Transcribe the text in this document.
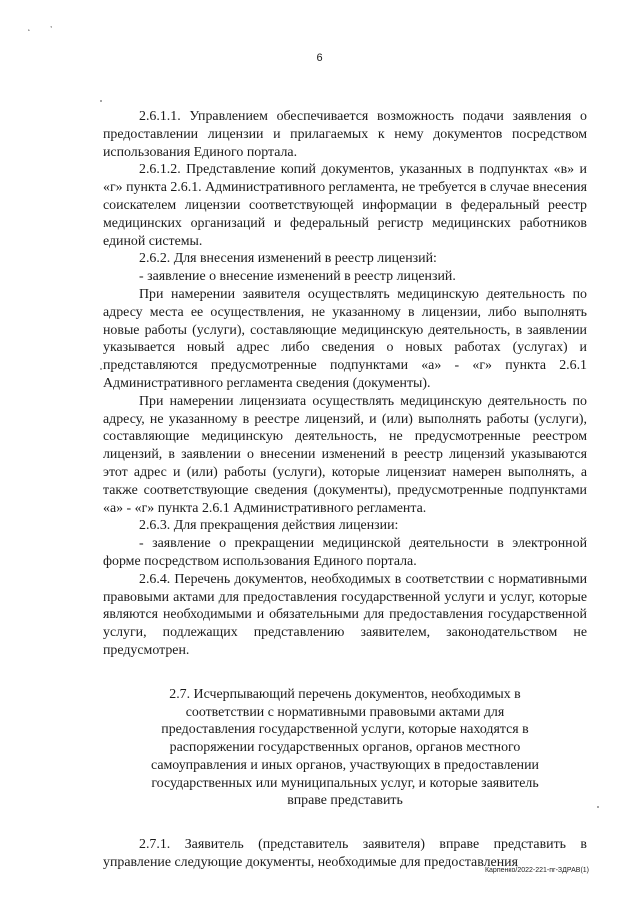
˛ ,
6

2.6.1.1. Управлением обеспечивается возможность подачи заявления о предоставлении лицензии и прилагаемых к нему документов посредством использования Единого портала.

2.6.1.2. Представление копий документов, указанных в подпунктах «в» и «г» пункта 2.6.1. Административного регламента, не требуется в случае внесения соискателем лицензии соответствующей информации в федеральный реестр медицинских организаций и федеральный регистр медицинских работников единой системы.

2.6.2. Для внесения изменений в реестр лицензий:

- заявление о внесение изменений в реестр лицензий.

При намерении заявителя осуществлять медицинскую деятельность по адресу места ее осуществления, не указанному в лицензии, либо выполнять новые работы (услуги), составляющие медицинскую деятельность, в заявлении указывается новый адрес либо сведения о новых работах (услугах) и представляются предусмотренные подпунктами «а» - «г» пункта 2.6.1 Административного регламента сведения (документы).

При намерении лицензиата осуществлять медицинскую деятельность по адресу, не указанному в реестре лицензий, и (или) выполнять работы (услуги), составляющие медицинскую деятельность, не предусмотренные реестром лицензий, в заявлении о внесении изменений в реестр лицензий указываются этот адрес и (или) работы (услуги), которые лицензиат намерен выполнять, а также соответствующие сведения (документы), предусмотренные подпунктами «а» - «г» пункта 2.6.1 Административного регламента.

2.6.3. Для прекращения действия лицензии:

- заявление о прекращении медицинской деятельности в электронной форме посредством использования Единого портала.

2.6.4. Перечень документов, необходимых в соответствии с нормативными правовыми актами для предоставления государственной услуги и услуг, которые являются необходимыми и обязательными для предоставления государственной услуги, подлежащих представлению заявителем, законодательством не предусмотрен.

2.7. Исчерпывающий перечень документов, необходимых в соответствии с нормативными правовыми актами для предоставления государственной услуги, которые находятся в распоряжении государственных органов, органов местного самоуправления и иных органов, участвующих в предоставлении государственных или муниципальных услуг, и которые заявитель вправе представить

2.7.1. Заявитель (представитель заявителя) вправе представить в управление следующие документы, необходимые для предоставления

Карпенко/2022-221-пг-ЗДРАВ(1)
